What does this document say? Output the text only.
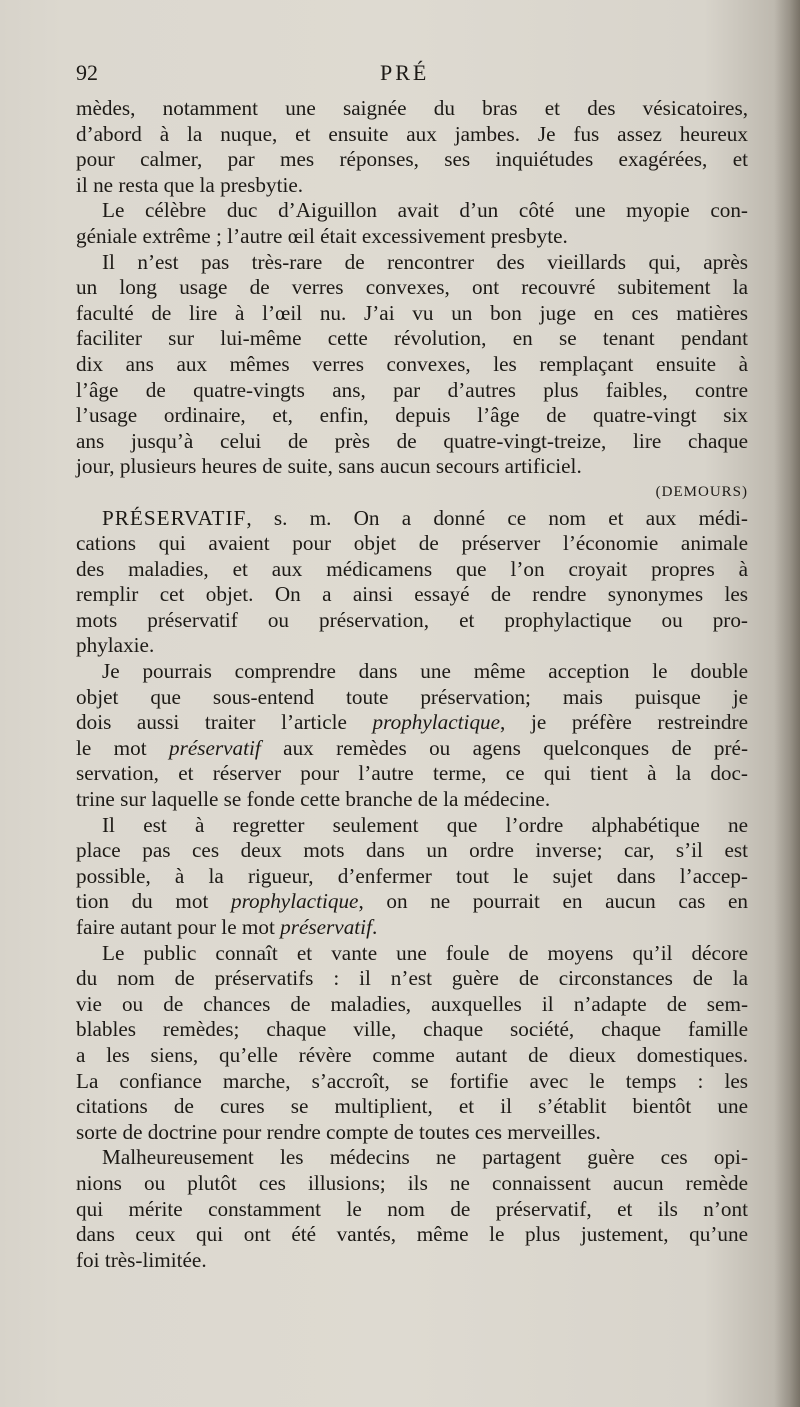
92	PRÉ
mèdes, notamment une saignée du bras et des vésicatoires,
d’abord à la nuque, et ensuite aux jambes. Je fus assez heureux
pour calmer, par mes réponses, ses inquiétudes exagérées, et
il ne resta que la presbytie.
Le célèbre duc d’Aiguillon avait d’un côté une myopie con-
géniale extrême ; l’autre œil était excessivement presbyte.
Il n’est pas très-rare de rencontrer des vieillards qui, après
un long usage de verres convexes, ont recouvré subitement la
faculté de lire à l’œil nu. J’ai vu un bon juge en ces matières
faciliter sur lui-même cette révolution, en se tenant pendant
dix ans aux mêmes verres convexes, les remplaçant ensuite à
l’âge de quatre-vingts ans, par d’autres plus faibles, contre
l’usage ordinaire, et, enfin, depuis l’âge de quatre-vingt six
ans jusqu’à celui de près de quatre-vingt-treize, lire chaque
jour, plusieurs heures de suite, sans aucun secours artificiel.
(DEMOURS)
PRÉSERVATIF, s. m. On a donné ce nom et aux médi-
cations qui avaient pour objet de préserver l’économie animale
des maladies, et aux médicamens que l’on croyait propres à
remplir cet objet. On a ainsi essayé de rendre synonymes les
mots préservatif ou préservation, et prophylactique ou pro-
phylaxie.
Je pourrais comprendre dans une même acception le double
objet que sous-entend toute préservation; mais puisque je
dois aussi traiter l’article prophylactique, je préfère restreindre
le mot préservatif aux remèdes ou agens quelconques de pré-
servation, et réserver pour l’autre terme, ce qui tient à la doc-
trine sur laquelle se fonde cette branche de la médecine.
Il est à regretter seulement que l’ordre alphabétique ne
place pas ces deux mots dans un ordre inverse; car, s’il est
possible, à la rigueur, d’enfermer tout le sujet dans l’accep-
tion du mot prophylactique, on ne pourrait en aucun cas en
faire autant pour le mot préservatif.
Le public connaît et vante une foule de moyens qu’il décore
du nom de préservatifs : il n’est guère de circonstances de la
vie ou de chances de maladies, auxquelles il n’adapte de sem-
blables remèdes; chaque ville, chaque société, chaque famille
a les siens, qu’elle révère comme autant de dieux domestiques.
La confiance marche, s’accroît, se fortifie avec le temps : les
citations de cures se multiplient, et il s’établit bientôt une
sorte de doctrine pour rendre compte de toutes ces merveilles.
Malheureusement les médecins ne partagent guère ces opi-
nions ou plutôt ces illusions; ils ne connaissent aucun remède
qui mérite constamment le nom de préservatif, et ils n’ont
dans ceux qui ont été vantés, même le plus justement, qu’une
foi très-limitée.
